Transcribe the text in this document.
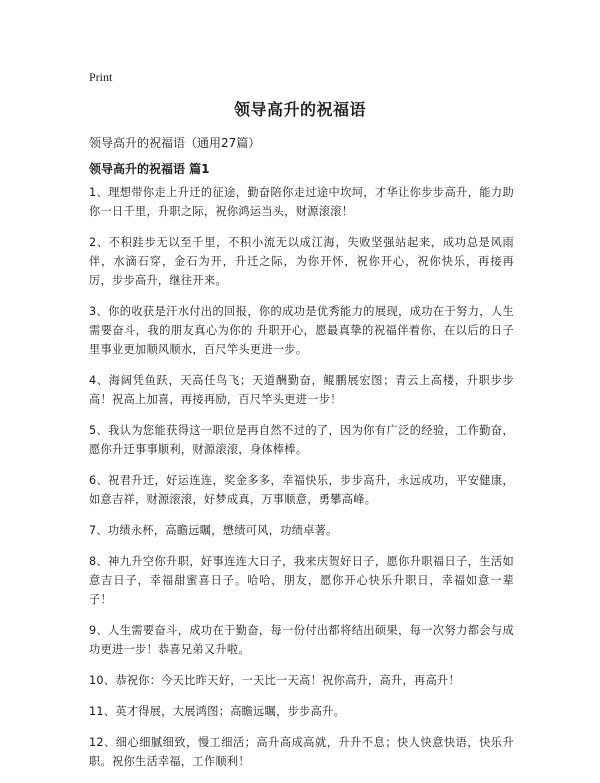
Print
领导高升的祝福语
领导高升的祝福语（通用27篇）
领导高升的祝福语 篇1

1、理想带你走上升迁的征途，勤奋陪你走过途中坎坷，才华让你步步高升，能力助你一日千里，升职之际，祝你鸿运当头，财源滚滚！

2、不积跬步无以至千里，不积小流无以成江海，失败坚强站起来，成功总是风雨伴，水滴石穿，金石为开，升迁之际，为你开怀，祝你开心，祝你快乐，再接再厉，步步高升，继往开来。

3、你的收获是汗水付出的回报，你的成功是优秀能力的展现，成功在于努力，人生需要奋斗，我的朋友真心为你的 升职开心，愿最真挚的祝福伴着你，在以后的日子里事业更加顺风顺水，百尺竿头更进一步。

4、海阔凭鱼跃，天高任鸟飞；天道酬勤奋，鲲鹏展宏图；青云上高楼，升职步步高！祝高上加喜，再接再励，百尺竿头更进一步！

5、我认为您能获得这一职位是再自然不过的了，因为你有广泛的经验，工作勤奋，愿你升迁事事顺利，财源滚滚，身体棒棒。

6、祝君升迁，好运连连，奖金多多，幸福快乐，步步高升，永远成功，平安健康，如意吉祥，财源滚滚，好梦成真，万事顺意，勇攀高峰。

7、功绩永杯，高瞻远瞩，懋绩可风，功绩卓著。

8、神九升空你升职，好事连连大日子，我来庆贺好日子，愿你升职福日子，生活如意吉日子，幸福甜蜜喜日子。哈哈，朋友，愿你开心快乐升职日，幸福如意一辈子！

9、人生需要奋斗，成功在于勤奋，每一份付出都将结出硕果，每一次努力都会与成功更进一步！恭喜兄弟又升啦。

10、恭祝你：今天比昨天好，一天比一天高！祝你高升，高升，再高升！

11、英才得展，大展鸿图；高瞻远瞩，步步高升。

12、细心细腻细致，慢工细活；高升高成高就，升升不息；快人快意快语，快乐升职。祝你生活幸福，工作顺利！
